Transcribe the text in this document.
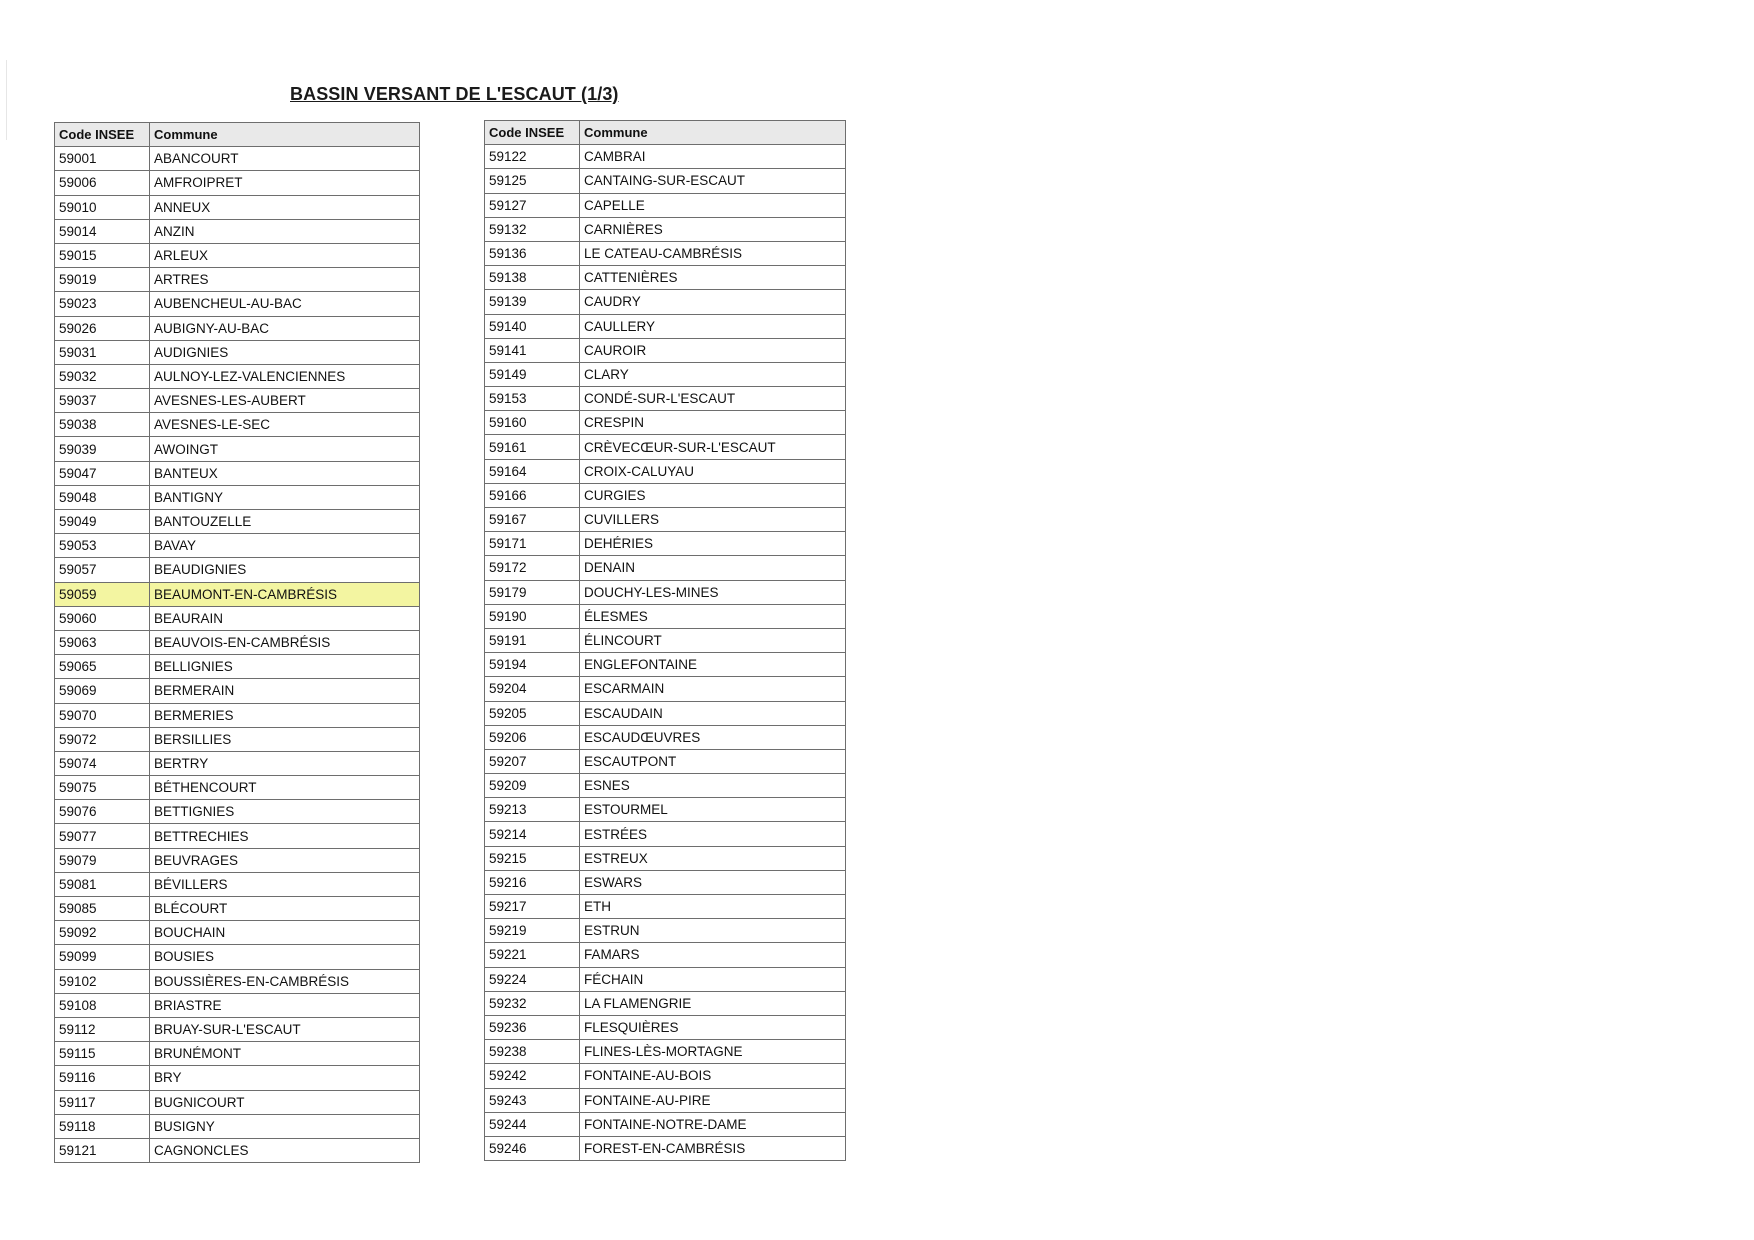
BASSIN VERSANT DE L'ESCAUT (1/3)
Code INSEE	Commune
59001	ABANCOURT
59006	AMFROIPRET
59010	ANNEUX
59014	ANZIN
59015	ARLEUX
59019	ARTRES
59023	AUBENCHEUL-AU-BAC
59026	AUBIGNY-AU-BAC
59031	AUDIGNIES
59032	AULNOY-LEZ-VALENCIENNES
59037	AVESNES-LES-AUBERT
59038	AVESNES-LE-SEC
59039	AWOINGT
59047	BANTEUX
59048	BANTIGNY
59049	BANTOUZELLE
59053	BAVAY
59057	BEAUDIGNIES
59059	BEAUMONT-EN-CAMBRÉSIS
59060	BEAURAIN
59063	BEAUVOIS-EN-CAMBRÉSIS
59065	BELLIGNIES
59069	BERMERAIN
59070	BERMERIES
59072	BERSILLIES
59074	BERTRY
59075	BÉTHENCOURT
59076	BETTIGNIES
59077	BETTRECHIES
59079	BEUVRAGES
59081	BÉVILLERS
59085	BLÉCOURT
59092	BOUCHAIN
59099	BOUSIES
59102	BOUSSIÈRES-EN-CAMBRÉSIS
59108	BRIASTRE
59112	BRUAY-SUR-L'ESCAUT
59115	BRUNÉMONT
59116	BRY
59117	BUGNICOURT
59118	BUSIGNY
59121	CAGNONCLES
Code INSEE	Commune
59122	CAMBRAI
59125	CANTAING-SUR-ESCAUT
59127	CAPELLE
59132	CARNIÈRES
59136	LE CATEAU-CAMBRÉSIS
59138	CATTENIÈRES
59139	CAUDRY
59140	CAULLERY
59141	CAUROIR
59149	CLARY
59153	CONDÉ-SUR-L'ESCAUT
59160	CRESPIN
59161	CRÈVECŒUR-SUR-L'ESCAUT
59164	CROIX-CALUYAU
59166	CURGIES
59167	CUVILLERS
59171	DEHÉRIES
59172	DENAIN
59179	DOUCHY-LES-MINES
59190	ÉLESMES
59191	ÉLINCOURT
59194	ENGLEFONTAINE
59204	ESCARMAIN
59205	ESCAUDAIN
59206	ESCAUDŒUVRES
59207	ESCAUTPONT
59209	ESNES
59213	ESTOURMEL
59214	ESTRÉES
59215	ESTREUX
59216	ESWARS
59217	ETH
59219	ESTRUN
59221	FAMARS
59224	FÉCHAIN
59232	LA FLAMENGRIE
59236	FLESQUIÈRES
59238	FLINES-LÈS-MORTAGNE
59242	FONTAINE-AU-BOIS
59243	FONTAINE-AU-PIRE
59244	FONTAINE-NOTRE-DAME
59246	FOREST-EN-CAMBRÉSIS
